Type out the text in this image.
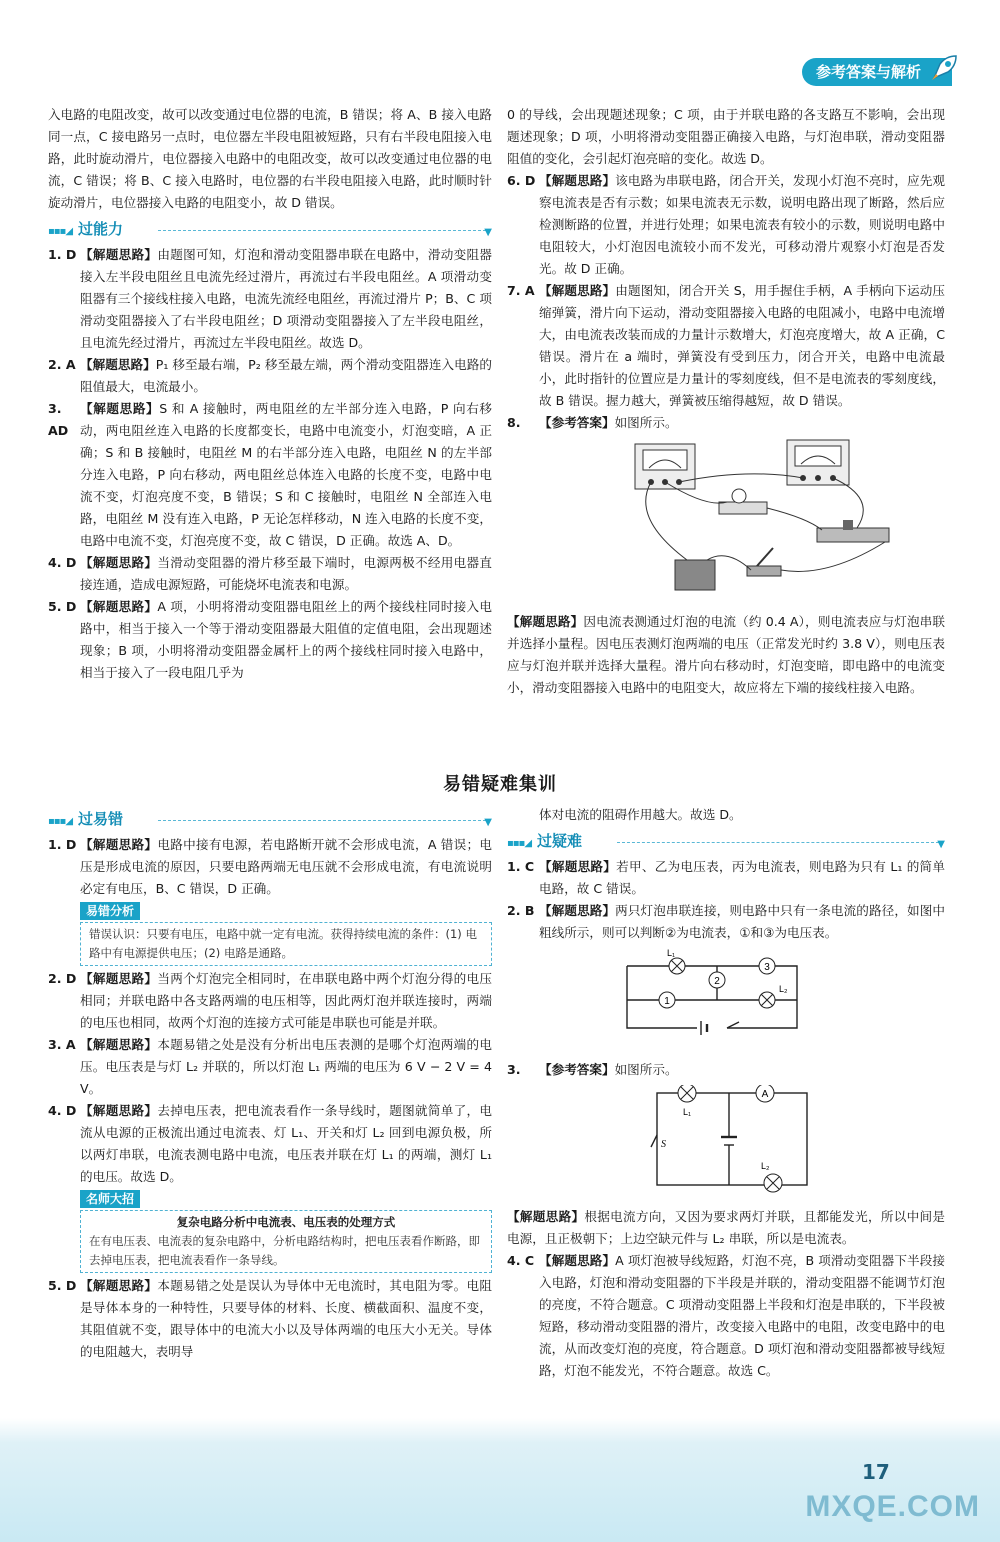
参考答案与解析

入电路的电阻改变，故可以改变通过电位器的电流，B 错误；将 A、B 接入电路同一点，C 接电路另一点时，电位器左半段电阻被短路，只有右半段电阻接入电路，此时旋动滑片，电位器接入电路中的电阻改变，故可以改变通过电位器的电流，C 错误；将 B、C 接入电路时，电位器的右半段电阻接入电路，此时顺时针旋动滑片，电位器接入电路的电阻变小，故 D 错误。

▪▪▪◢ 过能力	▼
1. D 【解题思路】由题图可知，灯泡和滑动变阻器串联在电路中，滑动变阻器接入左半段电阻丝且电流先经过滑片，再流过右半段电阻丝。A 项滑动变阻器有三个接线柱接入电路，电流先流经电阻丝，再流过滑片 P；B、C 项滑动变阻器接入了右半段电阻丝；D 项滑动变阻器接入了左半段电阻丝，且电流先经过滑片，再流过左半段电阻丝。故选 D。
2. A 【解题思路】P₁ 移至最右端，P₂ 移至最左端，两个滑动变阻器连入电路的阻值最大，电流最小。
3. AD
【解题思路】S 和 A 接触时，两电阻丝的左半部分连入电路，P 向右移动，两电阻丝连入电路的长度都变长，电路中电流变小，灯泡变暗，A 正确；S 和 B 接触时，电阻丝 M 的右半部分连入电路，电阻丝 N 的左半部分连入电路，P 向右移动，两电阻丝总体连入电路的长度不变，电路中电流不变，灯泡亮度不变，B 错误；S 和 C 接触时，电阻丝 N 全部连入电路，电阻丝 M 没有连入电路，P 无论怎样移动，N 连入电路的长度不变，电路中电流不变，灯泡亮度不变，故 C 错误，D 正确。故选 A、D。
4. D 【解题思路】当滑动变阻器的滑片移至最下端时，电源两极不经用电器直接连通，造成电源短路，可能烧坏电流表和电源。
5. D 【解题思路】A 项，小明将滑动变阻器电阻丝上的两个接线柱同时接入电路中，相当于接入一个等于滑动变阻器最大阻值的定值电阻，会出现题述现象；B 项，小明将滑动变阻器金属杆上的两个接线柱同时接入电路中，相当于接入了一段电阻几乎为

0 的导线，会出现题述现象；C 项，由于并联电路的各支路互不影响，会出现题述现象；D 项，小明将滑动变阻器正确接入电路，与灯泡串联，滑动变阻器阻值的变化，会引起灯泡亮暗的变化。故选 D。

6. D 【解题思路】该电路为串联电路，闭合开关，发现小灯泡不亮时，应先观察电流表是否有示数；如果电流表无示数，说明电路出现了断路，然后应检测断路的位置，并进行处理；如果电流表有较小的示数，则说明电路中电阻较大，小灯泡因电流较小而不发光，可移动滑片观察小灯泡是否发光。故 D 正确。
7. A 【解题思路】由题图知，闭合开关 S，用手握住手柄，A 手柄向下运动压缩弹簧，滑片向下运动，滑动变阻器接入电路的电阻减小，电路中电流增大，由电流表改装而成的力量计示数增大，灯泡亮度增大，故 A 正确，C 错误。滑片在 a 端时，弹簧没有受到压力，闭合开关，电路中电流最小，此时指针的位置应是力量计的零刻度线，但不是电流表的零刻度线，故 B 错误。握力越大，弹簧被压缩得越短，故 D 错误。
8.	【参考答案】如图所示。

【解题思路】因电流表测通过灯泡的电流（约 0.4 A），则电流表应与灯泡串联并选择小量程。因电压表测灯泡两端的电压（正常发光时约 3.8 V），则电压表应与灯泡并联并选择大量程。滑片向右移动时，灯泡变暗，即电路中的电流变小，滑动变阻器接入电路中的电阻变大，故应将左下端的接线柱接入电路。

易错疑难集训
▪▪▪◢ 过易错	▼
1. D 【解题思路】电路中接有电源，若电路断开就不会形成电流，A 错误；电压是形成电流的原因，只要电路两端无电压就不会形成电流，有电流说明必定有电压，B、C 错误，D 正确。
易错分析
错误认识：只要有电压，电路中就一定有电流。获得持续电流的条件：(1) 电路中有电源提供电压；(2) 电路是通路。
2. D 【解题思路】当两个灯泡完全相同时，在串联电路中两个灯泡分得的电压相同；并联电路中各支路两端的电压相等，因此两灯泡并联连接时，两端的电压也相同，故两个灯泡的连接方式可能是串联也可能是并联。
3. A 【解题思路】本题易错之处是没有分析出电压表测的是哪个灯泡两端的电压。电压表是与灯 L₂ 并联的，所以灯泡 L₁ 两端的电压为 6 V − 2 V = 4 V。
4. D 【解题思路】去掉电压表，把电流表看作一条导线时，题图就简单了，电流从电源的正极流出通过电流表、灯 L₁、开关和灯 L₂ 回到电源负极，所以两灯串联，电流表测电路中电流，电压表并联在灯 L₁ 的两端，测灯 L₁ 的电压。故选 D。
名师大招
复杂电路分析中电流表、电压表的处理方式
在有电压表、电流表的复杂电路中，分析电路结构时，把电压表看作断路，即去掉电压表，把电流表看作一条导线。
5. D 【解题思路】本题易错之处是误认为导体中无电流时，其电阻为零。电阻是导体本身的一种特性，只要导体的材料、长度、横截面积、温度不变，其阻值就不变，跟导体中的电流大小以及导体两端的电压大小无关。导体的电阻越大，表明导

体对电流的阻碍作用越大。故选 D。

▪▪▪◢ 过疑难	▼
1. C 【解题思路】若甲、乙为电压表，丙为电流表，则电路为只有 L₁ 的简单电路，故 C 错误。
2. B 【解题思路】两只灯泡串联连接，则电路中只有一条电流的路径，如图中粗线所示，则可以判断②为电流表，①和③为电压表。
3
2
1
L₁
L₂
3.	【参考答案】如图所示。
A
S
L₁
L₂

【解题思路】根据电流方向，又因为要求两灯并联，且都能发光，所以中间是电源，且正极朝下；上边空缺元件与 L₂ 串联，所以是电流表。

4. C 【解题思路】A 项灯泡被导线短路，灯泡不亮，B 项滑动变阻器下半段接入电路，灯泡和滑动变阻器的下半段是并联的，滑动变阻器不能调节灯泡的亮度，不符合题意。C 项滑动变阻器上半段和灯泡是串联的，下半段被短路，移动滑动变阻器的滑片，改变接入电路中的电阻，改变电路中的电流，从而改变灯泡的亮度，符合题意。D 项灯泡和滑动变阻器都被导线短路，灯泡不能发光，不符合题意。故选 C。
17
MXQE.COM
